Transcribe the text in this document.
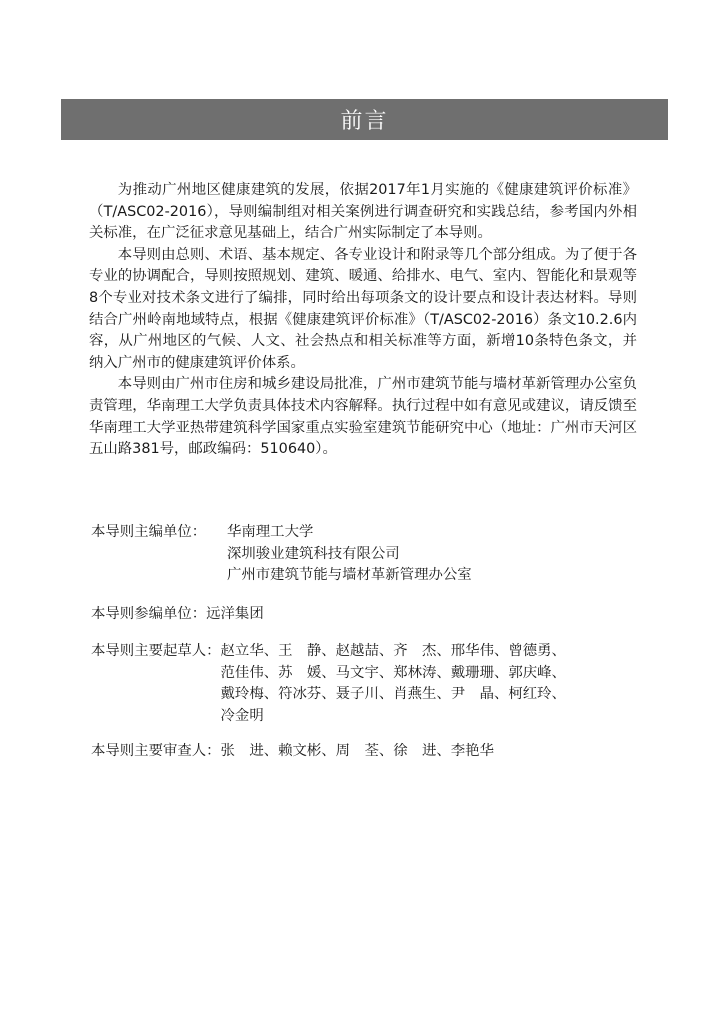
前言

为推动广州地区健康建筑的发展，依据2017年1月实施的《健康建筑评价标准》（T/ASC02-2016），导则编制组对相关案例进行调查研究和实践总结，参考国内外相关标准，在广泛征求意见基础上，结合广州实际制定了本导则。

本导则由总则、术语、基本规定、各专业设计和附录等几个部分组成。为了便于各专业的协调配合，导则按照规划、建筑、暖通、给排水、电气、室内、智能化和景观等8个专业对技术条文进行了编排，同时给出每项条文的设计要点和设计表达材料。导则结合广州岭南地域特点，根据《健康建筑评价标准》（T/ASC02-2016）条文10.2.6内容，从广州地区的气候、人文、社会热点和相关标准等方面，新增10条特色条文，并纳入广州市的健康建筑评价体系。

本导则由广州市住房和城乡建设局批准，广州市建筑节能与墙材革新管理办公室负责管理，华南理工大学负责具体技术内容解释。执行过程中如有意见或建议，请反馈至华南理工大学亚热带建筑科学国家重点实验室建筑节能研究中心（地址：广州市天河区五山路381号，邮政编码：510640）。

本导则主编单位：	华南理工大学
深圳骏业建筑科技有限公司
广州市建筑节能与墙材革新管理办公室
本导则参编单位： 远洋集团
本导则主要起草人： 赵立华、王　静、赵越喆、齐　杰、邢华伟、曾德勇、
范佳伟、苏　媛、马文宇、郑林涛、戴珊珊、郭庆峰、
戴玲梅、符冰芬、聂子川、肖燕生、尹　晶、柯红玲、
冷金明
本导则主要审查人： 张　进、赖文彬、周　荃、徐　进、李艳华
